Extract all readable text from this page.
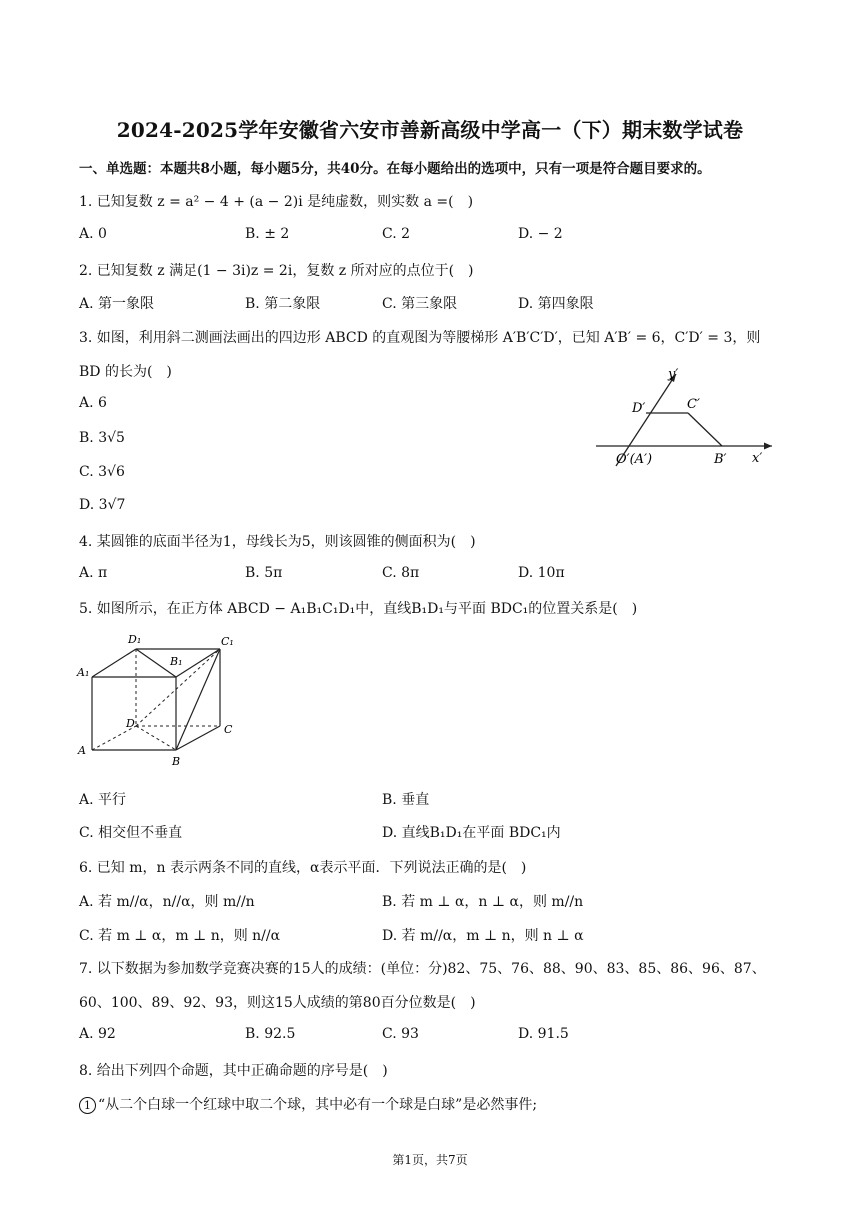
2024-2025学年安徽省六安市善新高级中学高一（下）期末数学试卷
一、单选题：本题共8小题，每小题5分，共40分。在每小题给出的选项中，只有一项是符合题目要求的。
1. 已知复数 z = a² − 4 + (a − 2)i 是纯虚数，则实数 a =(　)
A. 0	B. ± 2	C. 2	D. − 2
2. 已知复数 z 满足(1 − 3i)z = 2i，复数 z 所对应的点位于(　)
A. 第一象限	B. 第二象限	C. 第三象限	D. 第四象限
3. 如图，利用斜二测画法画出的四边形 ABCD 的直观图为等腰梯形 A′B′C′D′，已知 A′B′ = 6，C′D′ = 3，则
BD 的长为(　)
A. 6
B. 3√5
C. 3√6
D. 3√7
y′
x′
D′	C′
O′(A′)	B′
4. 某圆锥的底面半径为1，母线长为5，则该圆锥的侧面积为(　)
A. π	B. 5π	C. 8π	D. 10π
5. 如图所示，在正方体 ABCD − A₁B₁C₁D₁中，直线B₁D₁与平面 BDC₁的位置关系是(　)
D₁	C₁
B₁
A₁
D	C
A
B
A. 平行	B. 垂直
C. 相交但不垂直	D. 直线B₁D₁在平面 BDC₁内
6. 已知 m，n 表示两条不同的直线，α表示平面．下列说法正确的是(　)
A. 若 m//α，n//α，则 m//n	B. 若 m ⊥ α，n ⊥ α，则 m//n
C. 若 m ⊥ α，m ⊥ n，则 n//α	D. 若 m//α，m ⊥ n，则 n ⊥ α
7. 以下数据为参加数学竞赛决赛的15人的成绩：(单位：分)82、75、76、88、90、83、85、86、96、87、
60、100、89、92、93，则这15人成绩的第80百分位数是(　)
A. 92	B. 92.5	C. 93	D. 91.5
8. 给出下列四个命题，其中正确命题的序号是(　)
1 “从二个白球一个红球中取二个球，其中必有一个球是白球”是必然事件;
第1页，共7页
